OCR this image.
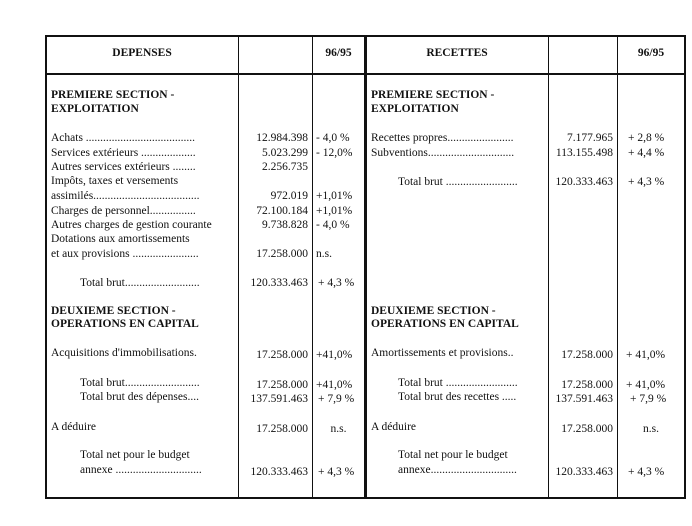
DEPENSES	96/95	RECETTES	96/95
PREMIERE SECTION -
EXPLOITATION
Achats ......................................	12.984.398 - 4,0 %
Services extérieurs ...................	5.023.299 - 12,0%
Autres services extérieurs ........	2.256.735
Impôts, taxes et versements
assimilés.....................................	972.019 +1,01%
Charges de personnel................	72.100.184 +1,01%
Autres charges de gestion courante	9.738.828 - 4,0 %
Dotations aux amortissements
et aux provisions .......................	17.258.000 n.s.
Total brut..........................	120.333.463 + 4,3 %
DEUXIEME SECTION -
OPERATIONS EN CAPITAL
Acquisitions d'immobilisations.	17.258.000 +41,0%
Total brut..........................	17.258.000 +41,0%
Total brut des dépenses....	137.591.463 + 7,9 %
A déduire	17.258.000	n.s.
Total net pour le budget
annexe ..............................	120.333.463 + 4,3 %
PREMIERE SECTION -
EXPLOITATION
Recettes propres.......................	7.177.965 + 2,8 %
Subventions..............................	113.155.498 + 4,4 %
Total brut .........................	120.333.463 + 4,3 %
DEUXIEME SECTION -
OPERATIONS EN CAPITAL
Amortissements et provisions..	17.258.000 + 41,0%
Total brut .........................	17.258.000 + 41,0%
Total brut des recettes .....	137.591.463 + 7,9 %
A déduire	17.258.000	n.s.
Total net pour le budget
annexe..............................	120.333.463 + 4,3 %
